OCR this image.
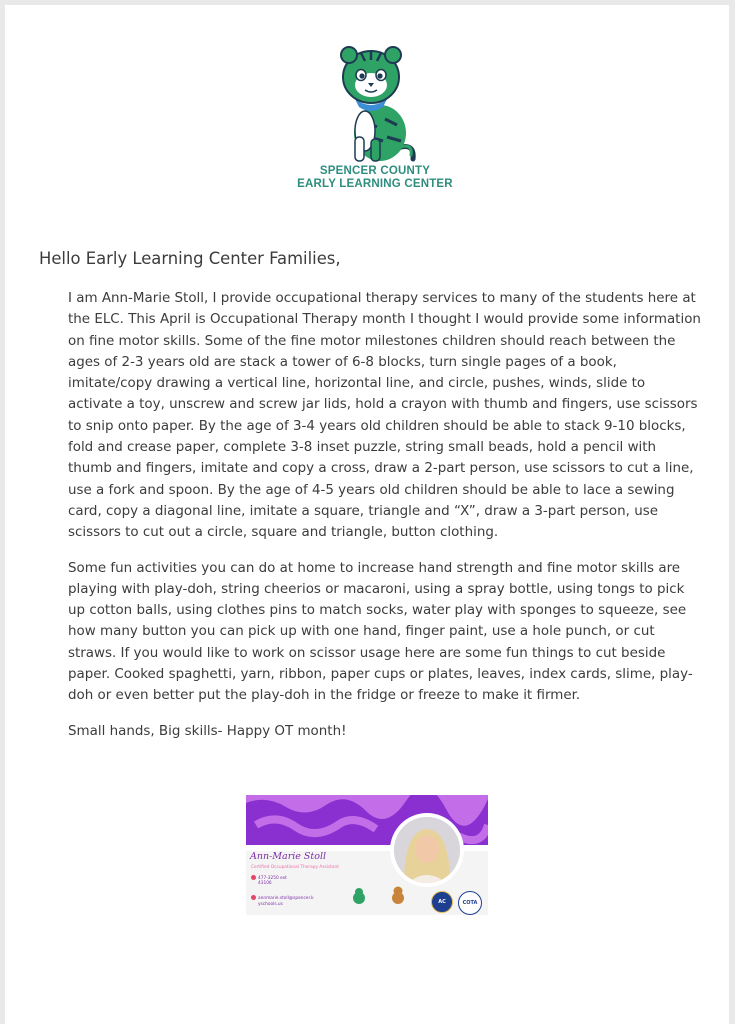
SPENCER COUNTY
EARLY LEARNING CENTER
Hello Early Learning Center Families,

I am Ann-Marie Stoll, I provide occupational therapy services to many of the students here at the ELC. This April is Occupational Therapy month I thought I would provide some information on fine motor skills. Some of the fine motor milestones children should reach between the ages of 2-3 years old are stack a tower of 6-8 blocks, turn single pages of a book, imitate/copy drawing a vertical line, horizontal line, and circle, pushes, winds, slide to activate a toy, unscrew and screw jar lids, hold a crayon with thumb and fingers, use scissors to snip onto paper. By the age of 3-4 years old children should be able to stack 9-10 blocks, fold and crease paper, complete 3-8 inset puzzle, string small beads, hold a pencil with thumb and fingers, imitate and copy a cross, draw a 2-part person, use scissors to cut a line, use a fork and spoon. By the age of 4-5 years old children should be able to lace a sewing card, copy a diagonal line, imitate a square, triangle and “X”, draw a 3-part person, use scissors to cut out a circle, square and triangle, button clothing.

Some fun activities you can do at home to increase hand strength and fine motor skills are playing with play-doh, string cheerios or macaroni, using a spray bottle, using tongs to pick up cotton balls, using clothes pins to match socks, water play with sponges to squeeze, see how many button you can pick up with one hand, finger paint, use a hole punch, or cut straws. If you would like to work on scissor usage here are some fun things to cut beside paper. Cooked spaghetti, yarn, ribbon, paper cups or plates, leaves, index cards, slime, play-doh or even better put the play-doh in the fridge or freeze to make it firmer.

Small hands, Big skills- Happy OT month!

Ann-Marie Stoll
Certified Occupational Therapy Assistant
477-3250 ext
43106
annmarie.stoll@spencer.k
yschools.us	AC	COTA
